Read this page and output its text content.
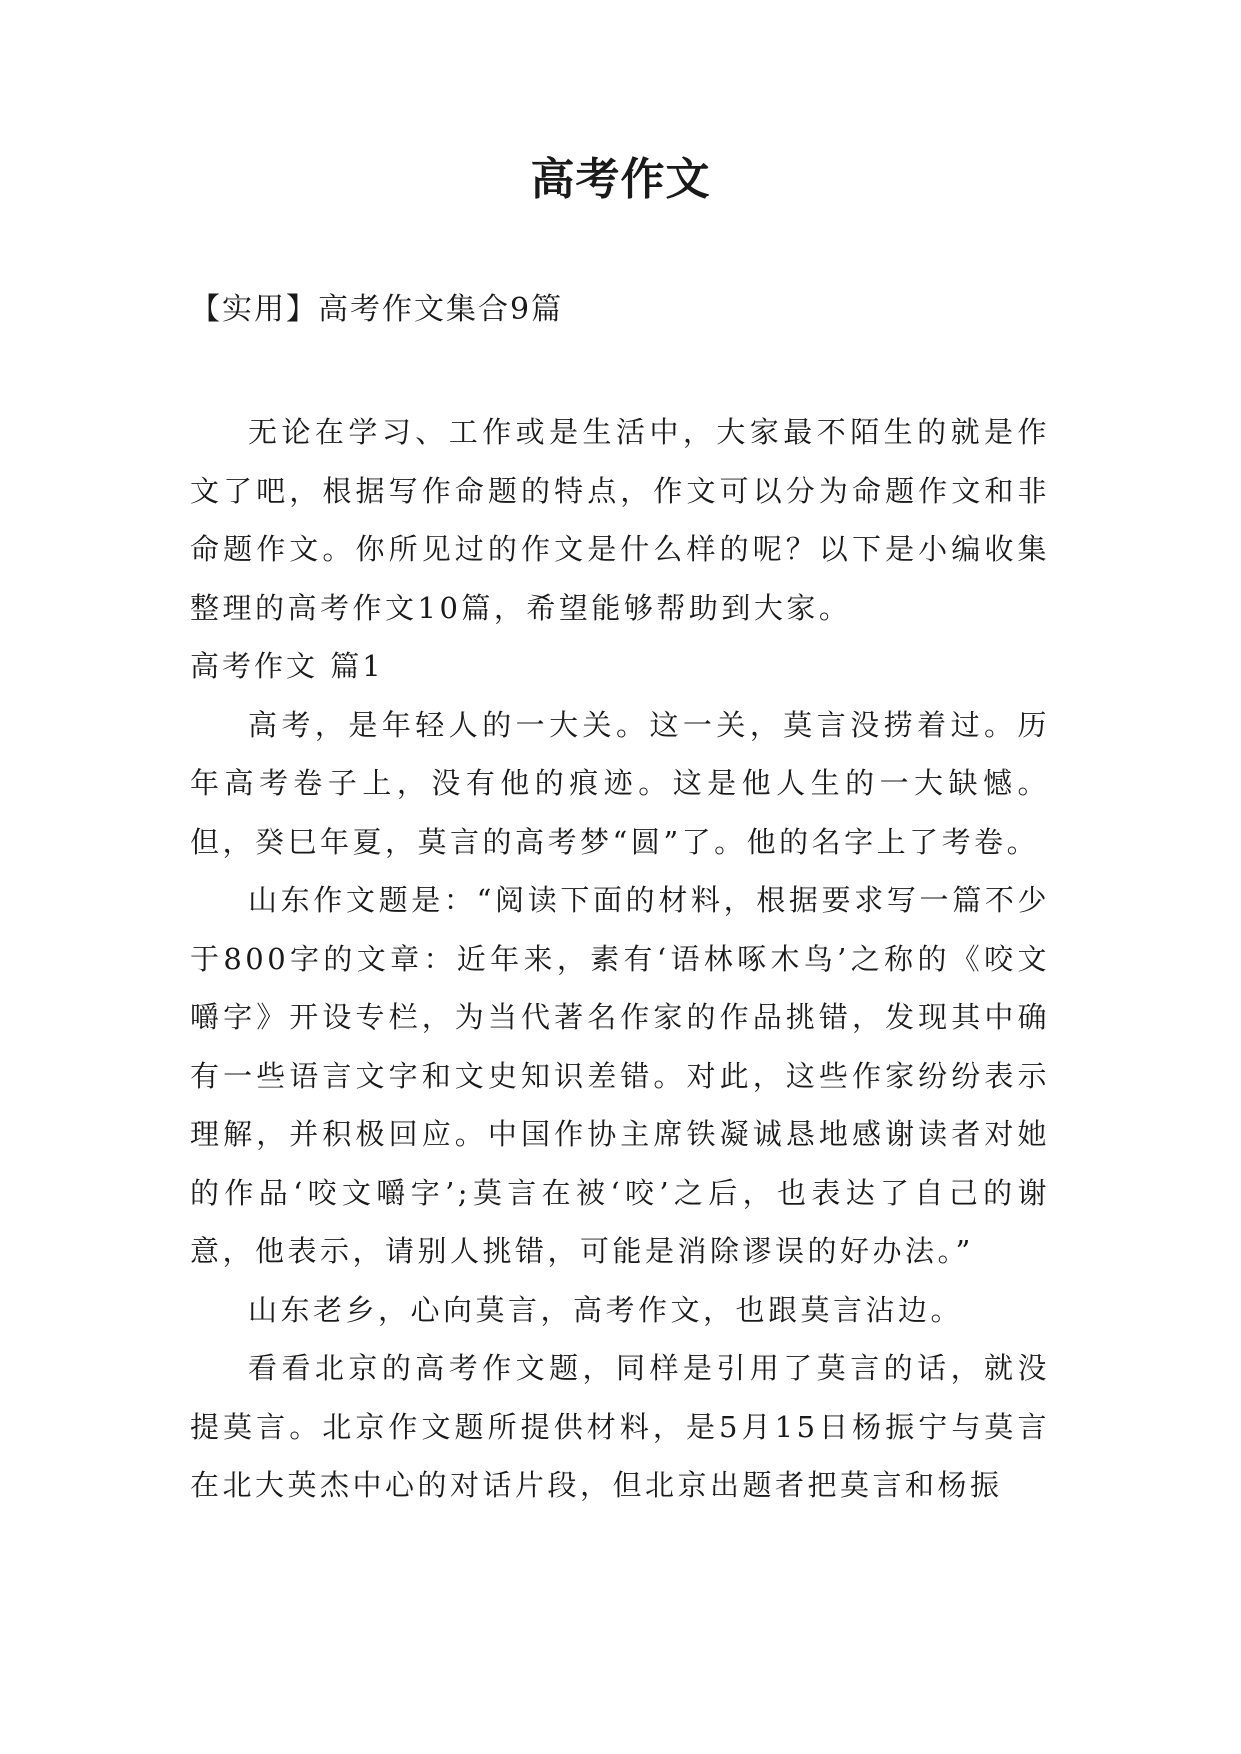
高考作文

【实用】高考作文集合9篇

无论在学习、工作或是生活中，大家最不陌生的就是作文了吧，根据写作命题的特点，作文可以分为命题作文和非命题作文。你所见过的作文是什么样的呢？以下是小编收集整理的高考作文10篇，希望能够帮助到大家。

高考作文 篇1

高考，是年轻人的一大关。这一关，莫言没捞着过。历年高考卷子上，没有他的痕迹。这是他人生的一大缺憾。但，癸巳年夏，莫言的高考梦“圆”了。他的名字上了考卷。

山东作文题是：“阅读下面的材料，根据要求写一篇不少于800字的文章：近年来，素有‘语林啄木鸟’之称的《咬文嚼字》开设专栏，为当代著名作家的作品挑错，发现其中确有一些语言文字和文史知识差错。对此，这些作家纷纷表示理解，并积极回应。中国作协主席铁凝诚恳地感谢读者对她的作品‘咬文嚼字’;莫言在被‘咬’之后，也表达了自己的谢意，他表示，请别人挑错，可能是消除谬误的好办法。”

山东老乡，心向莫言，高考作文，也跟莫言沾边。

看看北京的高考作文题，同样是引用了莫言的话，就没提莫言。北京作文题所提供材料，是5月15日杨振宁与莫言在北大英杰中心的对话片段，但北京出题者把莫言和杨振
